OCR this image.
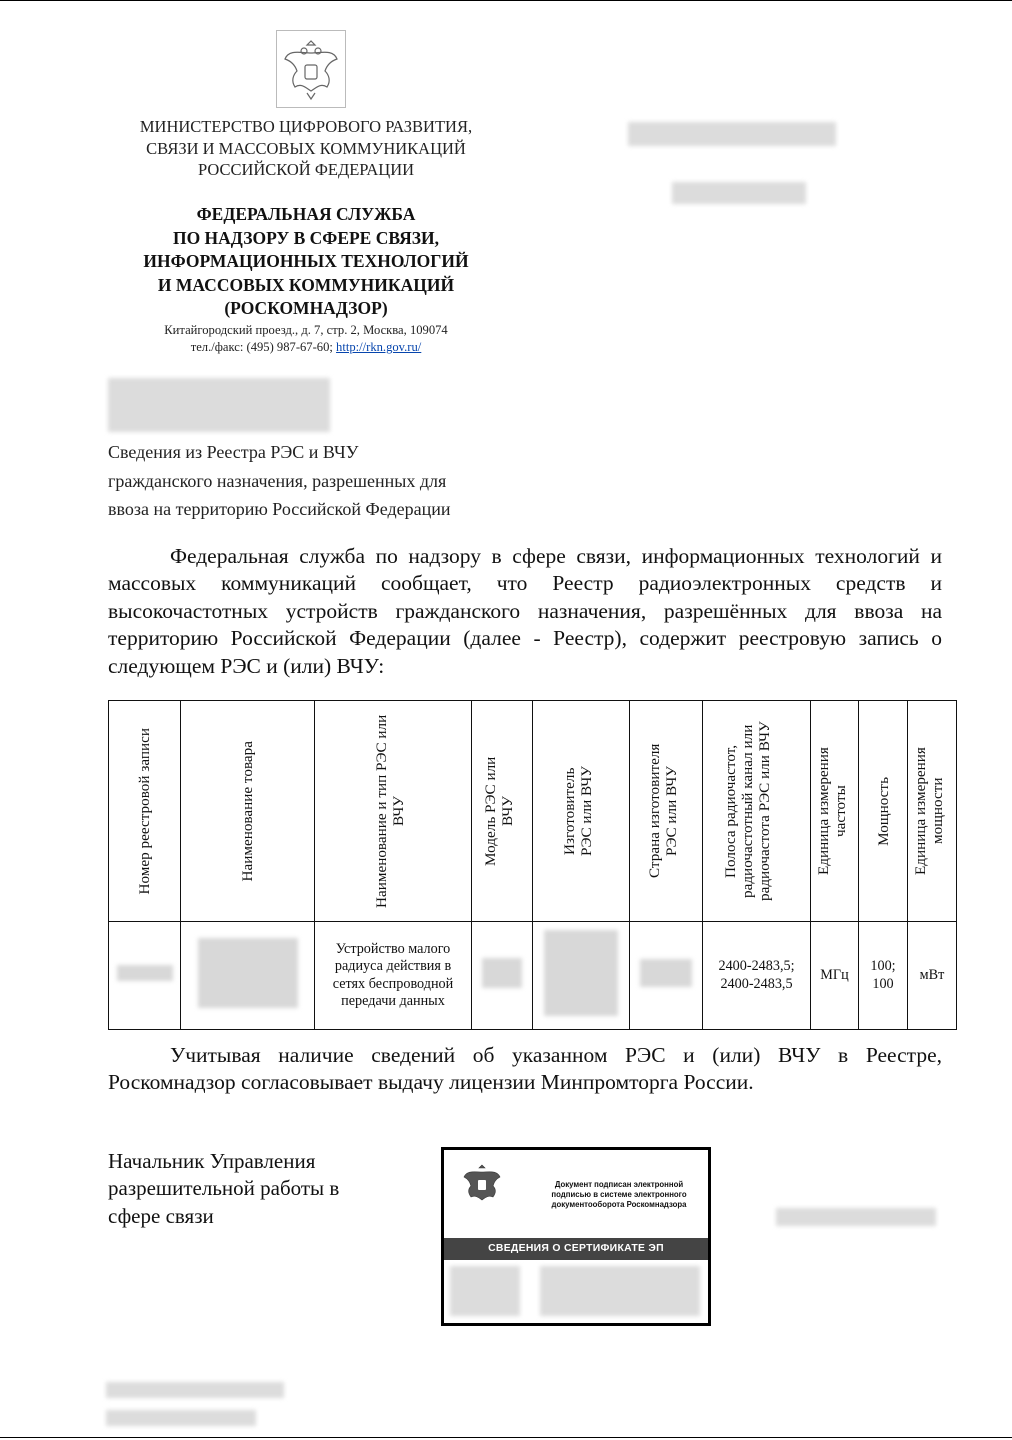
МИНИСТЕРСТВО ЦИФРОВОГО РАЗВИТИЯ,
СВЯЗИ И МАССОВЫХ КОММУНИКАЦИЙ
РОССИЙСКОЙ ФЕДЕРАЦИИ
ФЕДЕРАЛЬНАЯ СЛУЖБА
ПО НАДЗОРУ В СФЕРЕ СВЯЗИ,
ИНФОРМАЦИОННЫХ ТЕХНОЛОГИЙ
И МАССОВЫХ КОММУНИКАЦИЙ
(РОСКОМНАДЗОР)
Китайгородский проезд., д. 7, стр. 2, Москва, 109074
тел./факс: (495) 987-67-60; http://rkn.gov.ru/
Сведения из Реестра РЭС и ВЧУ
гражданского назначения, разрешенных для
ввоза на территорию Российской Федерации
Федеральная служба по надзору в сфере связи, информационных технологий и массовых коммуникаций сообщает, что Реестр радиоэлектронных средств и высокочастотных устройств гражданского назначения, разрешённых для ввоза на территорию Российской Федерации (далее - Реестр), содержит реестровую запись о следующем РЭС и (или) ВЧУ:
Номер реестровой записи	Наименование товара	Наименование и тип РЭС или ВЧУ	Модель РЭС или ВЧУ	Изготовитель РЭС или ВЧУ	Страна изготовителя РЭС или ВЧУ	Полоса радиочастот, радиочастотный канал или радиочастота РЭС или ВЧУ	Единица измерения частоты	Мощность	Единица измерения мощности

		Устройство малого радиуса действия в сетях беспроводной передачи данных				2400-2483,5; 2400-2483,5	МГц	100; 100	мВт
Учитывая наличие сведений об указанном РЭС и (или) ВЧУ в Реестре, Роскомнадзор согласовывает выдачу лицензии Минпромторга России.
Начальник Управления
разрешительной работы в
сфере связи
Документ подписан электронной
подписью в системе электронного
документооборота Роскомнадзора
СВЕДЕНИЯ О СЕРТИФИКАТЕ ЭП
